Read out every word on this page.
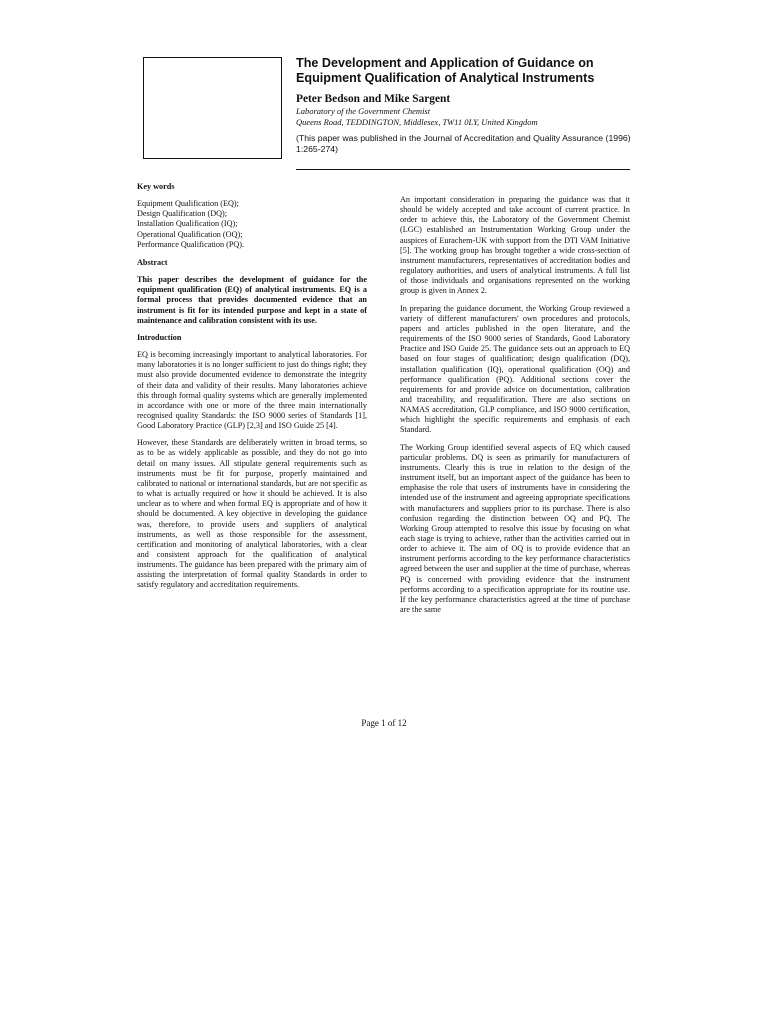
The Development and Application of Guidance on
Equipment Qualification of Analytical Instruments

Peter Bedson and Mike Sargent

Laboratory of the Government Chemist
Queens Road, TEDDINGTON, Middlesex, TW11 0LY, United Kingdom

(This paper was published in the Journal of Accreditation and Quality Assurance (1996) 1:265-274)

Key words
Equipment Qualification (EQ);
Design Qualification (DQ);
Installation Qualification (IQ);
Operational Qualification (OQ);
Performance Qualification (PQ).
Abstract

This paper describes the development of guidance for the equipment qualification (EQ) of analytical instruments. EQ is a formal process that provides documented evidence that an instrument is fit for its intended purpose and kept in a state of maintenance and calibration consistent with its use.

Introduction

EQ is becoming increasingly important to analytical laboratories. For many laboratories it is no longer sufficient to just do things right; they must also provide documented evidence to demonstrate the integrity of their data and validity of their results. Many laboratories achieve this through formal quality systems which are generally implemented in accordance with one or more of the three main internationally recognised quality Standards: the ISO 9000 series of Standards [1], Good Laboratory Practice (GLP) [2,3] and ISO Guide 25 [4].

However, these Standards are deliberately written in broad terms, so as to be as widely applicable as possible, and they do not go into detail on many issues. All stipulate general requirements such as instruments must be fit for purpose, properly maintained and calibrated to national or international standards, but are not specific as to what is actually required or how it should be achieved. It is also unclear as to where and when formal EQ is appropriate and of how it should be documented. A key objective in developing the guidance was, therefore, to provide users and suppliers of analytical instruments, as well as those responsible for the assessment, certification and monitoring of analytical laboratories, with a clear and consistent approach for the qualification of analytical instruments. The guidance has been prepared with the primary aim of assisting the interpretation of formal quality Standards in order to satisfy regulatory and accreditation requirements.

An important consideration in preparing the guidance was that it should be widely accepted and take account of current practice. In order to achieve this, the Laboratory of the Government Chemist (LGC) established an Instrumentation Working Group under the auspices of Eurachem-UK with support from the DTI VAM Initiative [5]. The working group has brought together a wide cross-section of instrument manufacturers, representatives of accreditation bodies and regulatory authorities, and users of analytical instruments. A full list of those individuals and organisations represented on the working group is given in Annex 2.

In preparing the guidance document, the Working Group reviewed a variety of different manufacturers' own procedures and protocols, papers and articles published in the open literature, and the requirements of the ISO 9000 series of Standards, Good Laboratory Practice and ISO Guide 25. The guidance sets out an approach to EQ based on four stages of qualification; design qualification (DQ), installation qualification (IQ), operational qualification (OQ) and performance qualification (PQ). Additional sections cover the requirements for and provide advice on documentation, calibration and traceability, and requalification. There are also sections on NAMAS accreditation, GLP compliance, and ISO 9000 certification, which highlight the specific requirements and emphasis of each Standard.

The Working Group identified several aspects of EQ which caused particular problems. DQ is seen as primarily for manufacturers of instruments. Clearly this is true in relation to the design of the instrument itself, but an important aspect of the guidance has been to emphasise the role that users of instruments have in considering the intended use of the instrument and agreeing appropriate specifications with manufacturers and suppliers prior to its purchase. There is also confusion regarding the distinction between OQ and PQ. The Working Group attempted to resolve this issue by focusing on what each stage is trying to achieve, rather than the activities carried out in order to achieve it. The aim of OQ is to provide evidence that an instrument performs according to the key performance characteristics agreed between the user and supplier at the time of purchase, whereas PQ is concerned with providing evidence that the instrument performs according to a specification appropriate for its routine use. If the key performance characteristics agreed at the time of purchase are the same

Page 1 of 12
